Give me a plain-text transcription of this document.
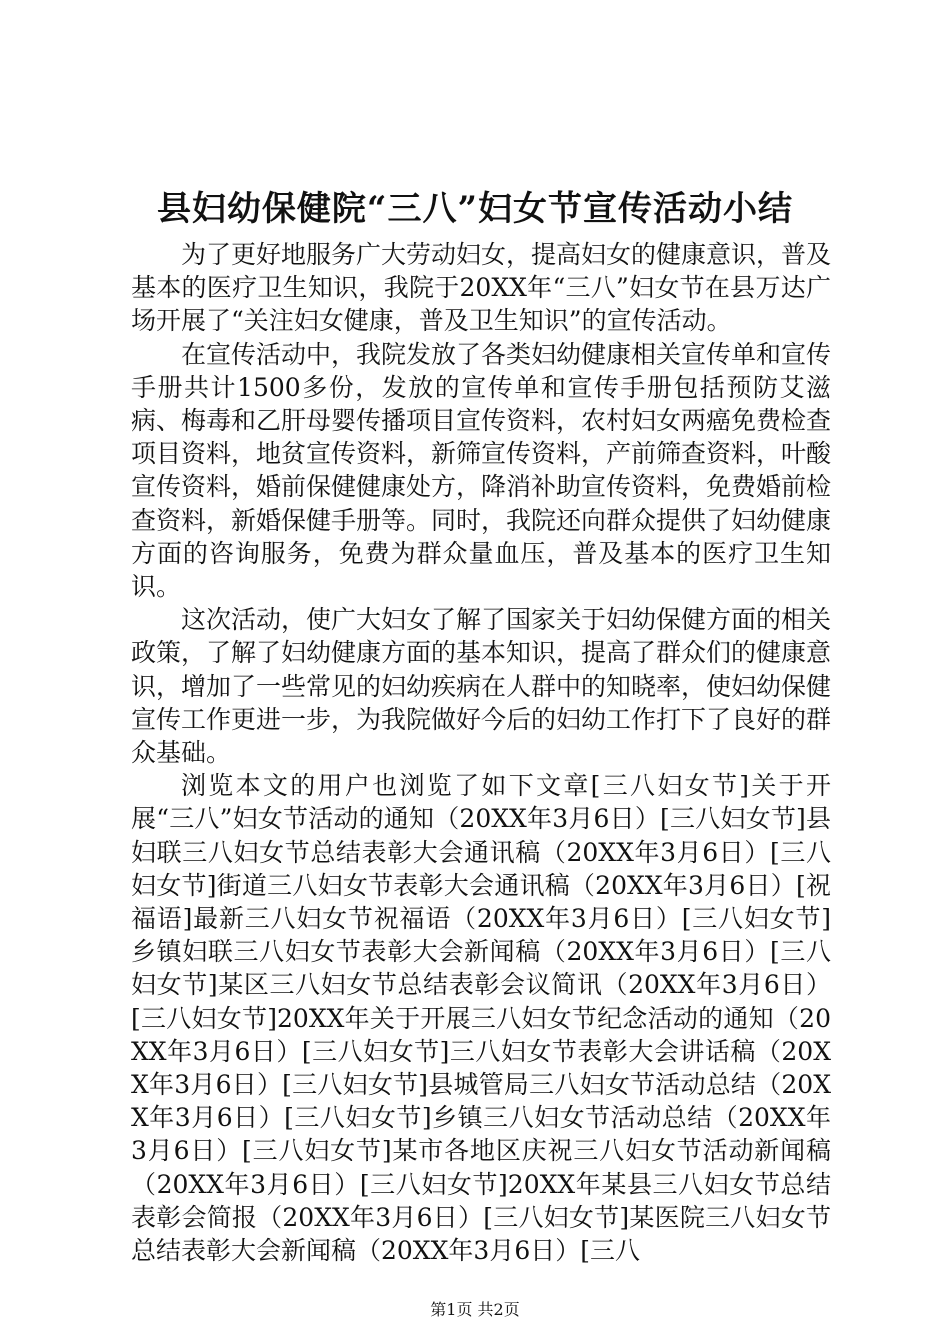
县妇幼保健院“三八”妇女节宣传活动小结

为了更好地服务广大劳动妇女，提高妇女的健康意识，普及基本的医疗卫生知识，我院于20XX年“三八”妇女节在县万达广场开展了“关注妇女健康，普及卫生知识”的宣传活动。

在宣传活动中，我院发放了各类妇幼健康相关宣传单和宣传手册共计1500多份，发放的宣传单和宣传手册包括预防艾滋病、梅毒和乙肝母婴传播项目宣传资料，农村妇女两癌免费检查项目资料，地贫宣传资料，新筛宣传资料，产前筛查资料，叶酸宣传资料，婚前保健健康处方，降消补助宣传资料，免费婚前检查资料，新婚保健手册等。同时，我院还向群众提供了妇幼健康方面的咨询服务，免费为群众量血压，普及基本的医疗卫生知识。

这次活动，使广大妇女了解了国家关于妇幼保健方面的相关政策，了解了妇幼健康方面的基本知识，提高了群众们的健康意识，增加了一些常见的妇幼疾病在人群中的知晓率，使妇幼保健宣传工作更进一步，为我院做好今后的妇幼工作打下了良好的群众基础。

浏览本文的用户也浏览了如下文章[三八妇女节]关于开展“三八”妇女节活动的通知（20XX年3月6日）[三八妇女节]县妇联三八妇女节总结表彰大会通讯稿（20XX年3月6日）[三八妇女节]街道三八妇女节表彰大会通讯稿（20XX年3月6日）[祝福语]最新三八妇女节祝福语（20XX年3月6日）[三八妇女节]乡镇妇联三八妇女节表彰大会新闻稿（20XX年3月6日）[三八妇女节]某区三八妇女节总结表彰会议简讯（20XX年3月6日）[三八妇女节]20XX年关于开展三八妇女节纪念活动的通知（20XX年3月6日）[三八妇女节]三八妇女节表彰大会讲话稿（20XX年3月6日）[三八妇女节]县城管局三八妇女节活动总结（20XX年3月6日）[三八妇女节]乡镇三八妇女节活动总结（20XX年3月6日）[三八妇女节]某市各地区庆祝三八妇女节活动新闻稿（20XX年3月6日）[三八妇女节]20XX年某县三八妇女节总结表彰会简报（20XX年3月6日）[三八妇女节]某医院三八妇女节总结表彰大会新闻稿（20XX年3月6日）[三八

第1页 共2页
